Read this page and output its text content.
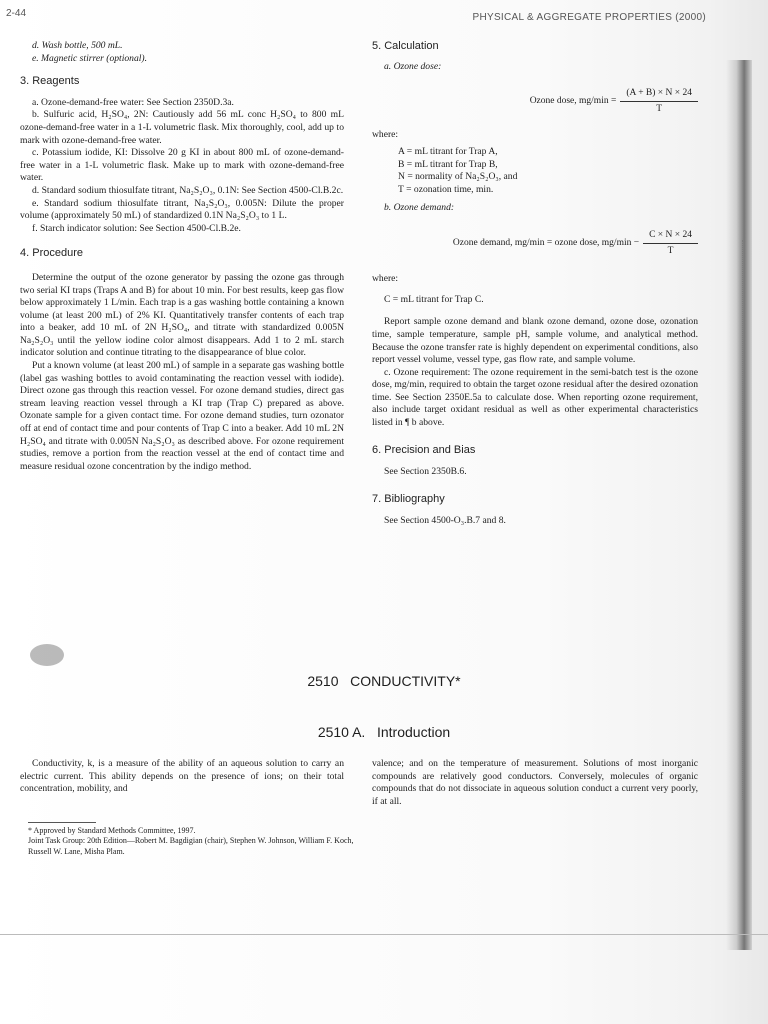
2-44	PHYSICAL & AGGREGATE PROPERTIES (2000)

d. Wash bottle, 500 mL.

e. Magnetic stirrer (optional).

3. Reagents

a. Ozone-demand-free water: See Section 2350D.3a.

b. Sulfuric acid, H₂SO₄, 2N: Cautiously add 56 mL conc H₂SO₄ to 800 mL ozone-demand-free water in a 1-L volumetric flask. Mix thoroughly, cool, add up to mark with ozone-demand-free water.

c. Potassium iodide, KI: Dissolve 20 g KI in about 800 mL of ozone-demand-free water in a 1-L volumetric flask. Make up to mark with ozone-demand-free water.

d. Standard sodium thiosulfate titrant, Na₂S₂O₃, 0.1N: See Section 4500-Cl.B.2c.

e. Standard sodium thiosulfate titrant, Na₂S₂O₃, 0.005N: Dilute the proper volume (approximately 50 mL) of standardized 0.1N Na₂S₂O₃ to 1 L.

f. Starch indicator solution: See Section 4500-Cl.B.2e.

4. Procedure

Determine the output of the ozone generator by passing the ozone gas through two serial KI traps (Traps A and B) for about 10 min. For best results, keep gas flow below approximately 1 L/min. Each trap is a gas washing bottle containing a known volume (at least 200 mL) of 2% KI. Quantitatively transfer contents of each trap into a beaker, add 10 mL of 2N H₂SO₄, and titrate with standardized 0.005N Na₂S₂O₃ until the yellow iodine color almost disappears. Add 1 to 2 mL starch indicator solution and continue titrating to the disappearance of blue color.

Put a known volume (at least 200 mL) of sample in a separate gas washing bottle (label gas washing bottles to avoid contaminating the reaction vessel with iodide). Direct ozone gas through this reaction vessel. For ozone demand studies, direct gas stream leaving reaction vessel through a KI trap (Trap C) prepared as above. Ozonate sample for a given contact time. For ozone demand studies, turn ozonator off at end of contact time and pour contents of Trap C into a beaker. Add 10 mL 2N H₂SO₄ and titrate with 0.005N Na₂S₂O₃ as described above. For ozone requirement studies, remove a portion from the reaction vessel at the end of contact time and measure residual ozone concentration by the indigo method.

5. Calculation

a. Ozone dose:

Ozone dose, $mg/\min = \frac{(A + B) \times N \times 24}{T}$

where:

A = mL titrant for Trap A,

B = mL titrant for Trap B,

N = normality of Na₂S₂O₃, and

T = ozonation time, min.

b. Ozone demand:

Ozone demand, mg/min = ozone dose, $mg/\min - \frac{C \times N \times 24}{T}$

where:

C = mL titrant for Trap C.

Report sample ozone demand and blank ozone demand, ozone dose, ozonation time, sample temperature, sample pH, sample volume, and analytical method. Because the ozone transfer rate is highly dependent on experimental conditions, also report vessel volume, vessel type, gas flow rate, and sample volume.

c. Ozone requirement: The ozone requirement in the semi-batch test is the ozone dose, mg/min, required to obtain the target ozone residual after the desired ozonation time. See Section 2350E.5a to calculate dose. When reporting ozone requirement, also include target oxidant residual as well as other experimental characteristics listed in ¶ b above.

6. Precision and Bias

See Section 2350B.6.

7. Bibliography

See Section 4500-O₃.B.7 and 8.

2510   CONDUCTIVITY*
2510 A.   Introduction

Conductivity, k, is a measure of the ability of an aqueous solution to carry an electric current. This ability depends on the presence of ions; on their total concentration, mobility, and

valence; and on the temperature of measurement. Solutions of most inorganic compounds are relatively good conductors. Conversely, molecules of organic compounds that do not dissociate in aqueous solution conduct a current very poorly, if at all.

* Approved by Standard Methods Committee, 1997.

Joint Task Group: 20th Edition—Robert M. Bagdigian (chair), Stephen W. Johnson, William F. Koch, Russell W. Lane, Misha Plam.
